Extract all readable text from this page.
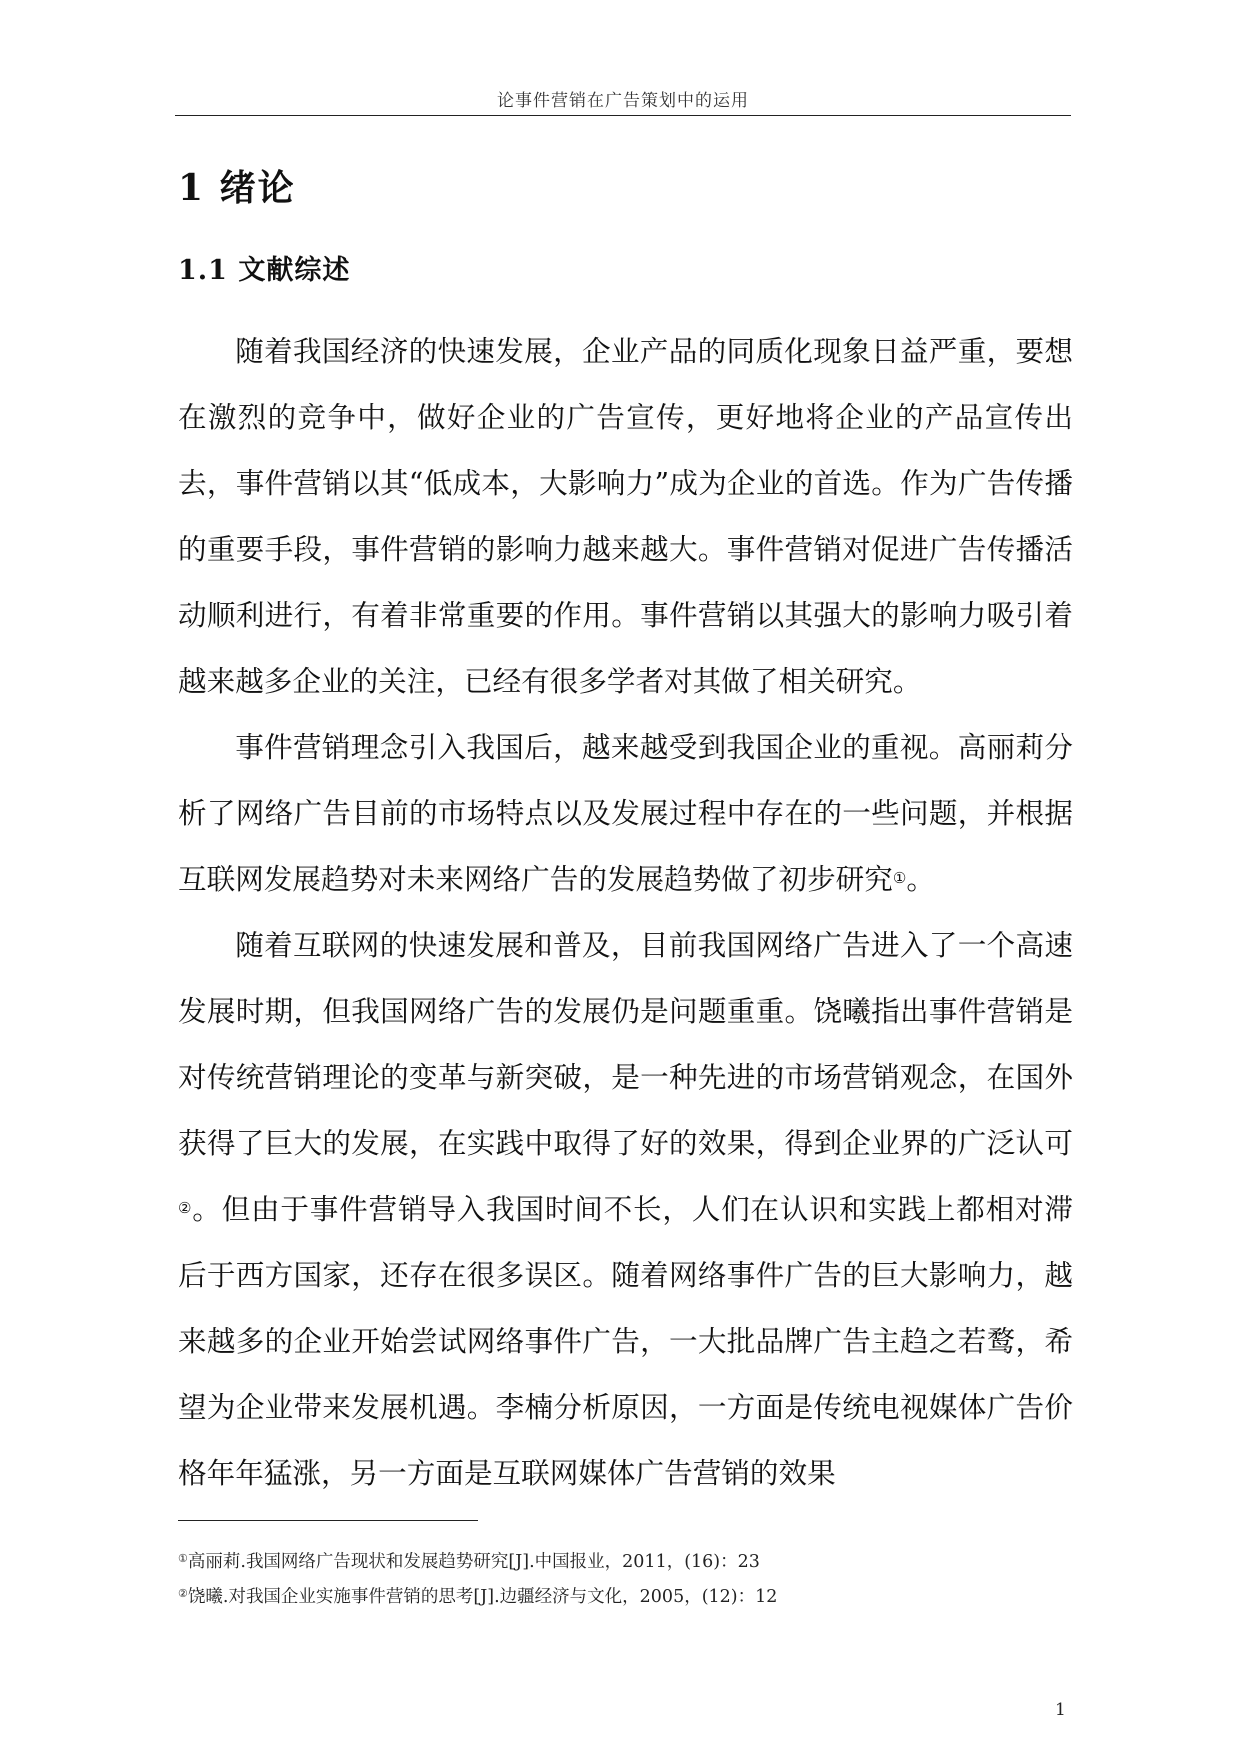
论事件营销在广告策划中的运用
1 绪论
1.1 文献综述

随着我国经济的快速发展，企业产品的同质化现象日益严重，要想在激烈的竞争中，做好企业的广告宣传，更好地将企业的产品宣传出去，事件营销以其“低成本，大影响力”成为企业的首选。作为广告传播的重要手段，事件营销的影响力越来越大。事件营销对促进广告传播活动顺利进行，有着非常重要的作用。事件营销以其强大的影响力吸引着越来越多企业的关注，已经有很多学者对其做了相关研究。

事件营销理念引入我国后，越来越受到我国企业的重视。高丽莉分析了网络广告目前的市场特点以及发展过程中存在的一些问题，并根据互联网发展趋势对未来网络广告的发展趋势做了初步研究①。

随着互联网的快速发展和普及，目前我国网络广告进入了一个高速发展时期，但我国网络广告的发展仍是问题重重。饶曦指出事件营销是对传统营销理论的变革与新突破，是一种先进的市场营销观念，在国外获得了巨大的发展，在实践中取得了好的效果，得到企业界的广泛认可②。但由于事件营销导入我国时间不长，人们在认识和实践上都相对滞后于西方国家，还存在很多误区。随着网络事件广告的巨大影响力，越来越多的企业开始尝试网络事件广告，一大批品牌广告主趋之若鹜，希望为企业带来发展机遇。李楠分析原因，一方面是传统电视媒体广告价格年年猛涨，另一方面是互联网媒体广告营销的效果

①高丽莉.我国网络广告现状和发展趋势研究[J].中国报业，2011，(16)：23
②饶曦.对我国企业实施事件营销的思考[J].边疆经济与文化，2005，(12)：12
1
